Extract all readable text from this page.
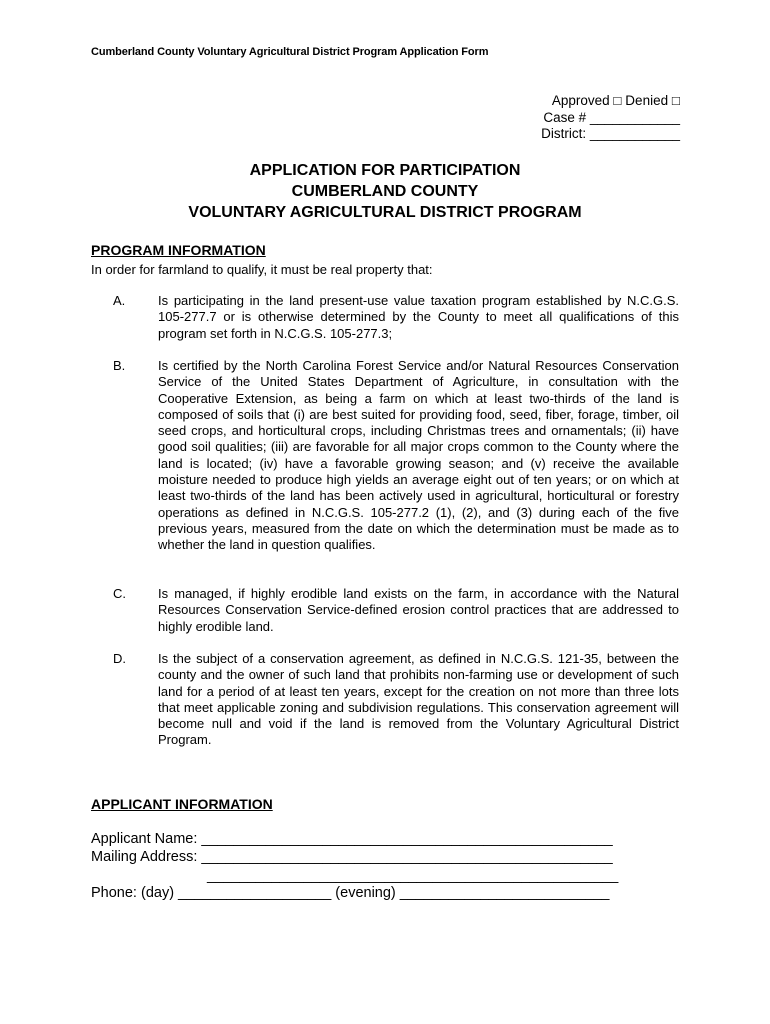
Cumberland County Voluntary Agricultural District Program Application Form
Approved □ Denied □
Case # ____________
District: ____________
APPLICATION FOR PARTICIPATION
CUMBERLAND COUNTY
VOLUNTARY AGRICULTURAL DISTRICT PROGRAM
PROGRAM INFORMATION
In order for farmland to qualify, it must be real property that:
A.	Is participating in the land present-use value taxation program established by N.C.G.S. 105-277.7 or is otherwise determined by the County to meet all qualifications of this program set forth in N.C.G.S. 105-277.3;
B.	Is certified by the North Carolina Forest Service and/or Natural Resources Conservation Service of the United States Department of Agriculture, in consultation with the Cooperative Extension, as being a farm on which at least two-thirds of the land is composed of soils that (i) are best suited for providing food, seed, fiber, forage, timber, oil seed crops, and horticultural crops, including Christmas trees and ornamentals; (ii) have good soil qualities; (iii) are favorable for all major crops common to the County where the land is located; (iv) have a favorable growing season; and (v) receive the available moisture needed to produce high yields an average eight out of ten years; or on which at least two-thirds of the land has been actively used in agricultural, horticultural or forestry operations as defined in N.C.G.S. 105-277.2 (1), (2), and (3) during each of the five previous years, measured from the date on which the determination must be made as to whether the land in question qualifies.
C. Is managed, if highly erodible land exists on the farm, in accordance with the Natural Resources Conservation Service-defined erosion control practices that are addressed to highly erodible land.
D. Is the subject of a conservation agreement, as defined in N.C.G.S. 121-35, between the county and the owner of such land that prohibits non-farming use or development of such land for a period of at least ten years, except for the creation on not more than three lots that meet applicable zoning and subdivision regulations. This conservation agreement will become null and void if the land is removed from the Voluntary Agricultural District Program.
APPLICANT INFORMATION
Applicant Name: ___________________________________________________
Mailing Address: ___________________________________________________
___________________________________________________
Phone: (day) ___________________ (evening) __________________________
